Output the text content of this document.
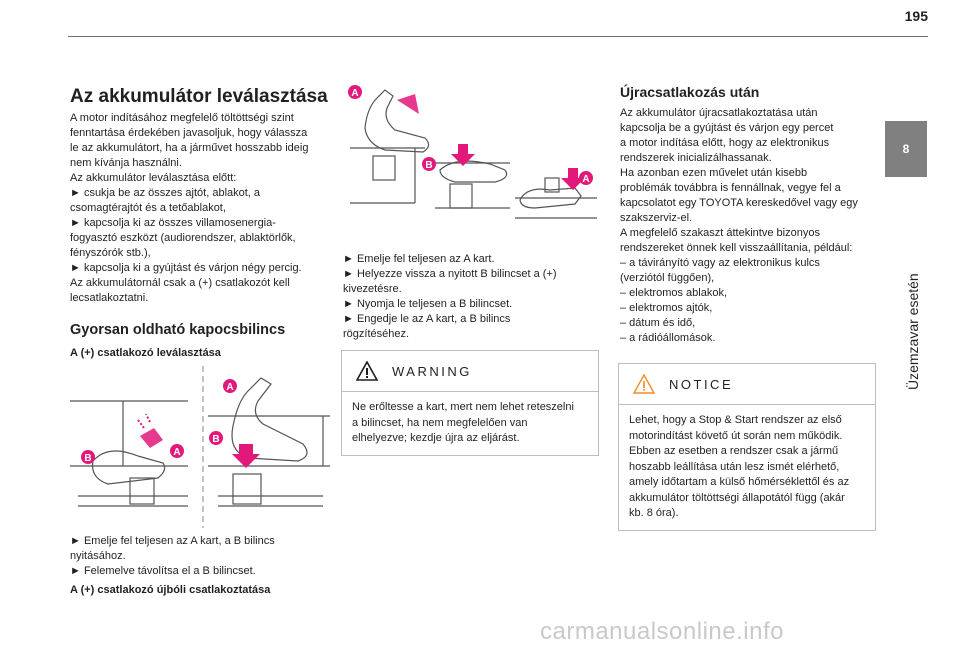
195
8
Üzemzavar esetén
Az akkumulátor leválasztása

A motor indításához megfelelő töltöttségi szint

fenntartása érdekében javasoljuk, hogy válassza

le az akkumulátort, ha a járművet hosszabb ideig

nem kívánja használni.

Az akkumulátor leválasztása előtt:

► csukja be az összes ajtót, ablakot, a

csomagtérajtót és a tetőablakot,

► kapcsolja ki az összes villamosenergia-

fogyasztó eszközt (audiorendszer, ablaktörlők,

fényszórók stb.),

► kapcsolja ki a gyújtást és várjon négy percig.

Az akkumulátornál csak a (+) csatlakozót kell

lecsatlakoztatni.

Gyorsan oldható kapocsbilincs
A (+) csatlakozó leválasztása
B
A
A
B

► Emelje fel teljesen az A kart, a B bilincs

nyitásához.

► Felemelve távolítsa el a B bilincset.

A (+) csatlakozó újbóli csatlakoztatása
A
B
A

► Emelje fel teljesen az A kart.

► Helyezze vissza a nyitott B bilincset a (+)

kivezetésre.

► Nyomja le teljesen a B bilincset.

► Engedje le az A kart, a B bilincs

rögzítéséhez.

WARNING
Ne erőltesse a kart, mert nem lehet reteszelni
a bilincset, ha nem megfelelően van
elhelyezve; kezdje újra az eljárást.
Újracsatlakozás után

Az akkumulátor újracsatlakoztatása után

kapcsolja be a gyújtást és várjon egy percet

a motor indítása előtt, hogy az elektronikus

rendszerek inicializálhassanak.

Ha azonban ezen művelet után kisebb

problémák továbbra is fennállnak, vegye fel a

kapcsolatot egy TOYOTA kereskedővel vagy egy

szakszerviz-el.

A megfelelő szakaszt áttekintve bizonyos

rendszereket önnek kell visszaállítania, például:

– a távirányító vagy az elektronikus kulcs

(verziótól függően),

– elektromos ablakok,

– elektromos ajtók,

– dátum és idő,

– a rádióállomások.

NOTICE
Lehet, hogy a Stop & Start rendszer az első
motorindítást követő út során nem működik.
Ebben az esetben a rendszer csak a jármű
hoszabb leállítása után lesz ismét elérhető,
amely időtartam a külső hőmérséklettől és az
akkumulátor töltöttségi állapotától függ (akár
kb. 8 óra).
carmanualsonline.info
